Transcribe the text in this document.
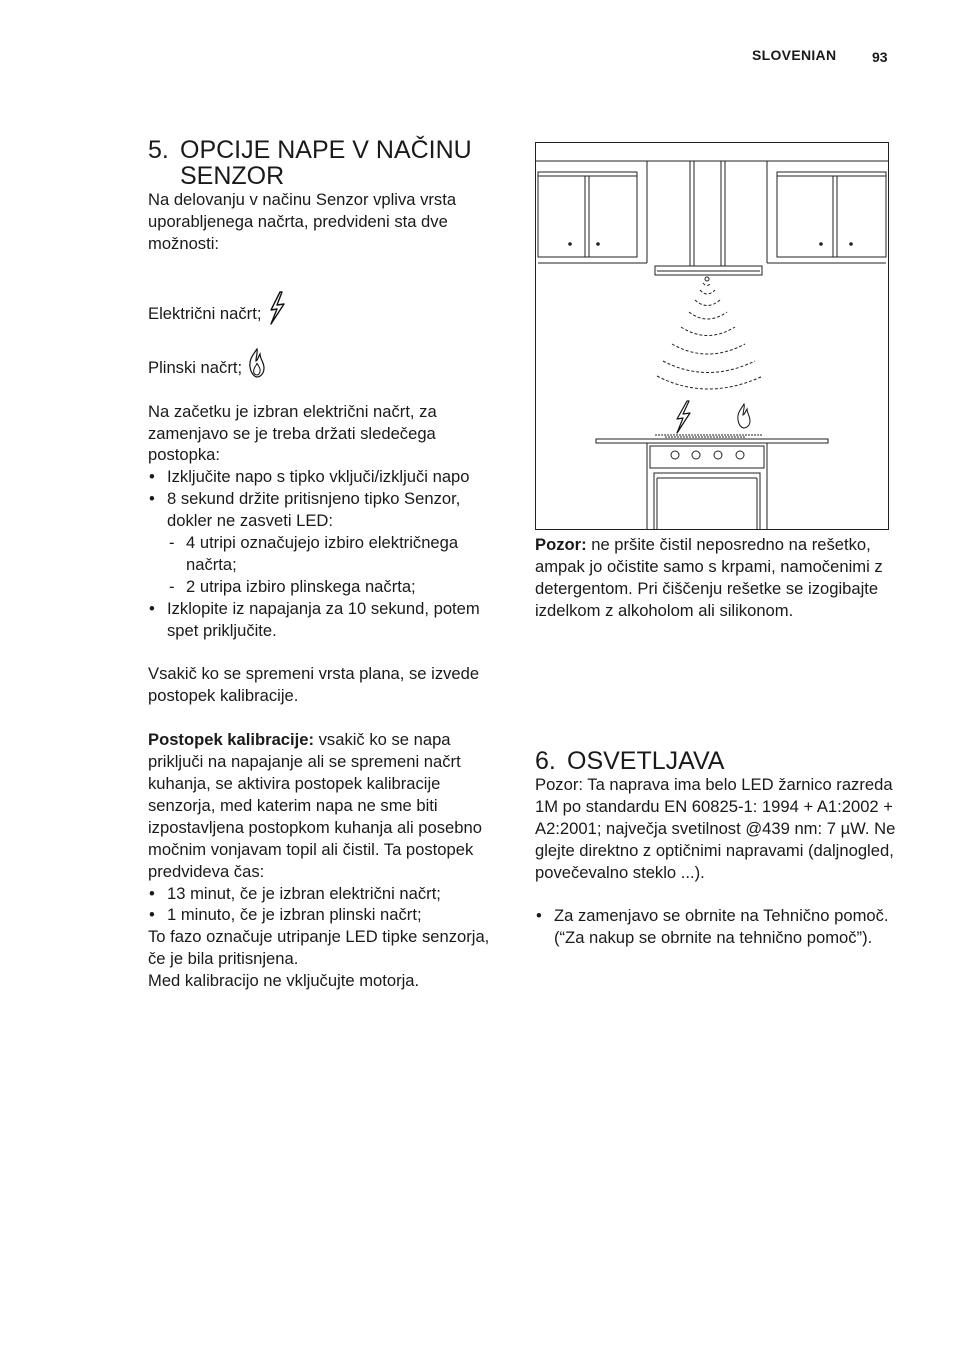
SLOVENIAN	93
5. OPCIJE NAPE V NAČINU
SENZOR

Na delovanju v načinu Senzor vpliva vrsta uporabljenega načrta, predvideni sta dve možnosti:

Električni načrt;

Plinski načrt;

Na začetku je izbran električni načrt, za zamenjavo se je treba držati sledečega postopka:

• Izključite napo s tipko vključi/izključi napo
• 8 sekund držite pritisnjeno tipko Senzor, dokler ne zasveti LED:
- 4 utripi označujejo izbiro električnega načrta;
- 2 utripa izbiro plinskega načrta;
• Izklopite iz napajanja za 10 sekund, potem spet priključite.

Vsakič ko se spremeni vrsta plana, se izvede postopek kalibracije.

Postopek kalibracije: vsakič ko se napa priključi na napajanje ali se spremeni načrt kuhanja, se aktivira postopek kalibracije senzorja, med katerim napa ne sme biti izpostavljena postopkom kuhanja ali posebno močnim vonjavam topil ali čistil. Ta postopek predvideva čas:

• 13 minut, če je izbran električni načrt;
• 1 minuto, če je izbran plinski načrt;

To fazo označuje utripanje LED tipke senzorja, če je bila pritisnjena.

Med kalibracijo ne vključujte motorja.

Pozor: ne pršite čistil neposredno na rešetko, ampak jo očistite samo s krpami, namočenimi z detergentom. Pri čiščenju rešetke se izogibajte izdelkom z alkoholom ali silikonom.

6. OSVETLJAVA

Pozor: Ta naprava ima belo LED žarnico razreda 1M po standardu EN 60825-1: 1994 + A1:2002 + A2:2001; največja svetilnost @439 nm: 7 µW. Ne glejte direktno z optičnimi napravami (daljnogled, povečevalno steklo ...).

• Za zamenjavo se obrnite na Tehnično pomoč. (“Za nakup se obrnite na tehnično pomoč”).
